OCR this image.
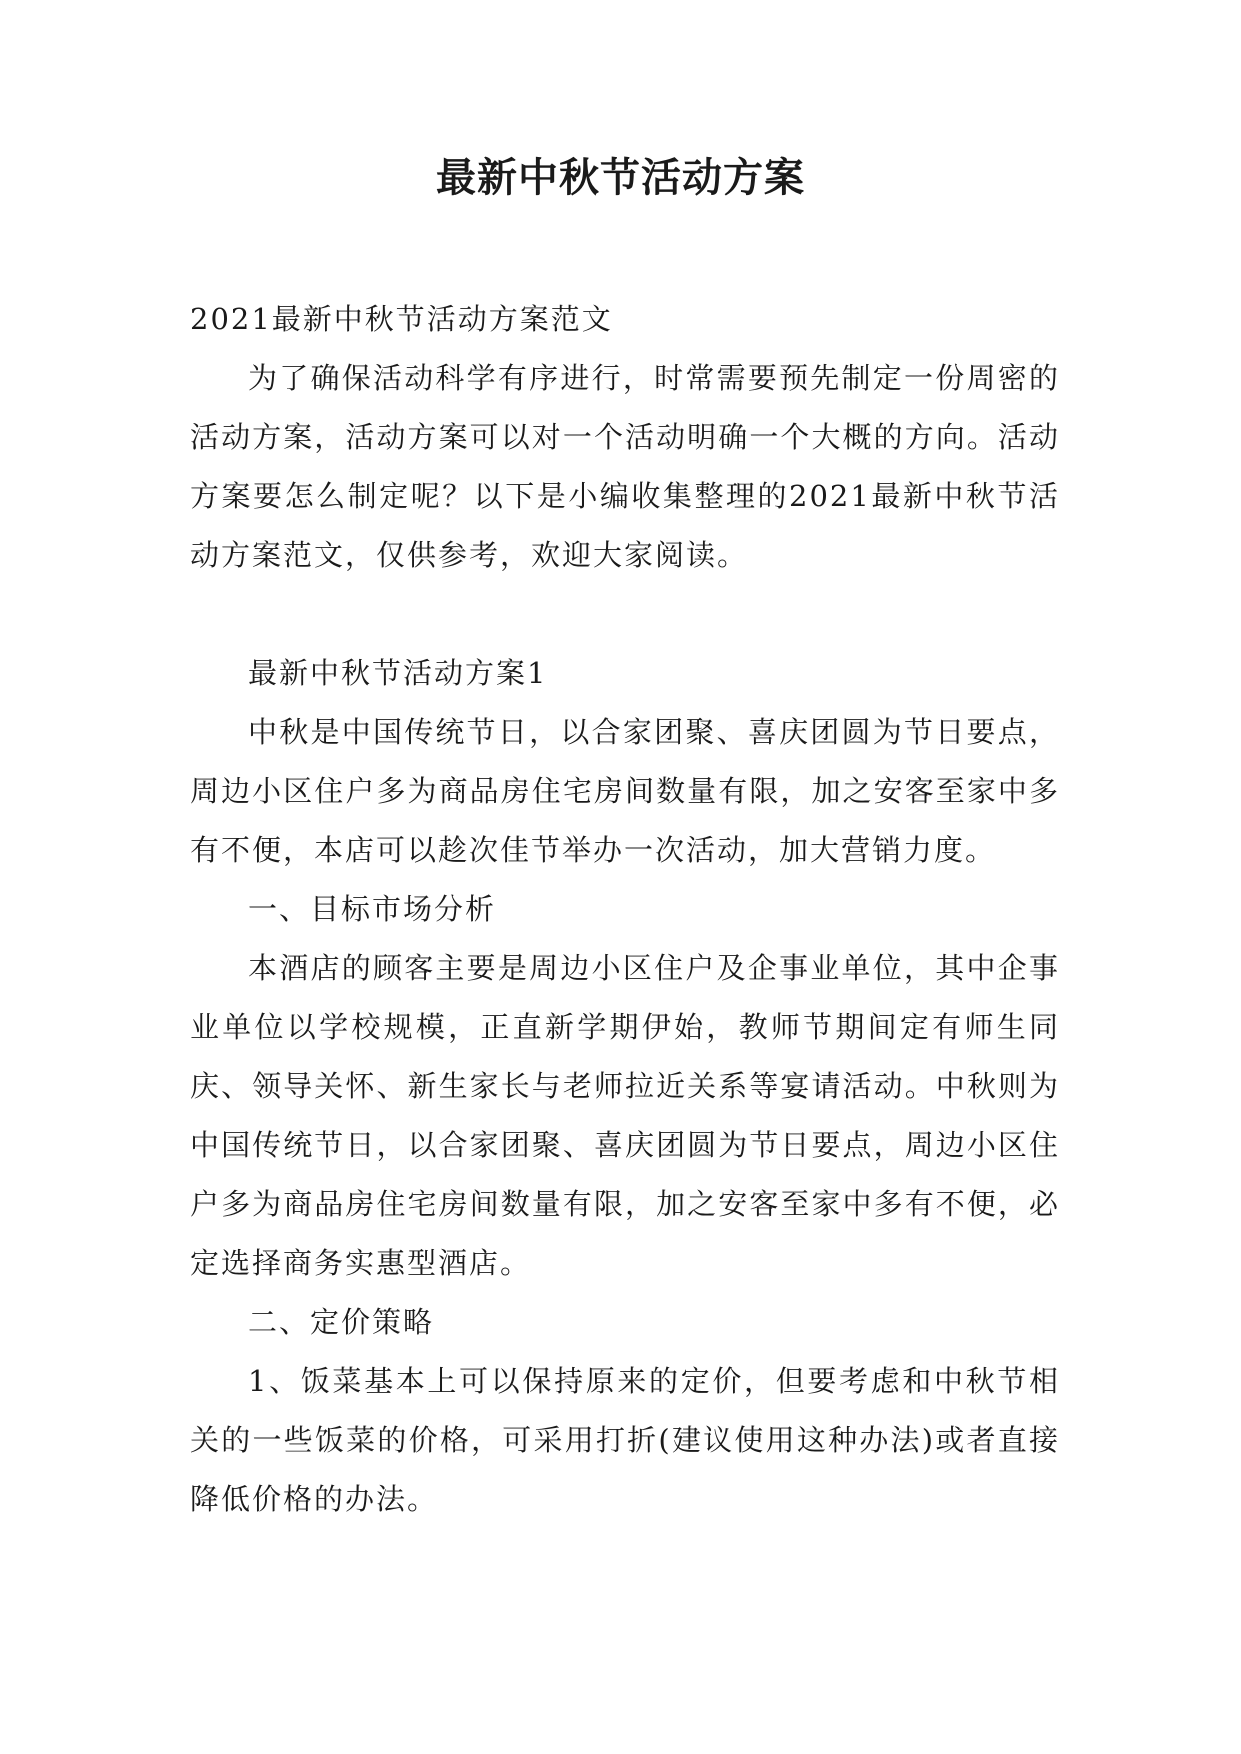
最新中秋节活动方案

2021最新中秋节活动方案范文

为了确保活动科学有序进行，时常需要预先制定一份周密的活动方案，活动方案可以对一个活动明确一个大概的方向。活动方案要怎么制定呢？以下是小编收集整理的2021最新中秋节活动方案范文，仅供参考，欢迎大家阅读。

最新中秋节活动方案1

中秋是中国传统节日，以合家团聚、喜庆团圆为节日要点，周边小区住户多为商品房住宅房间数量有限，加之安客至家中多有不便，本店可以趁次佳节举办一次活动，加大营销力度。

一、目标市场分析

本酒店的顾客主要是周边小区住户及企事业单位，其中企事业单位以学校规模，正直新学期伊始，教师节期间定有师生同庆、领导关怀、新生家长与老师拉近关系等宴请活动。中秋则为中国传统节日，以合家团聚、喜庆团圆为节日要点，周边小区住户多为商品房住宅房间数量有限，加之安客至家中多有不便，必定选择商务实惠型酒店。

二、定价策略

1、饭菜基本上可以保持原来的定价，但要考虑和中秋节相关的一些饭菜的价格，可采用打折(建议使用这种办法)或者直接降低价格的办法。
